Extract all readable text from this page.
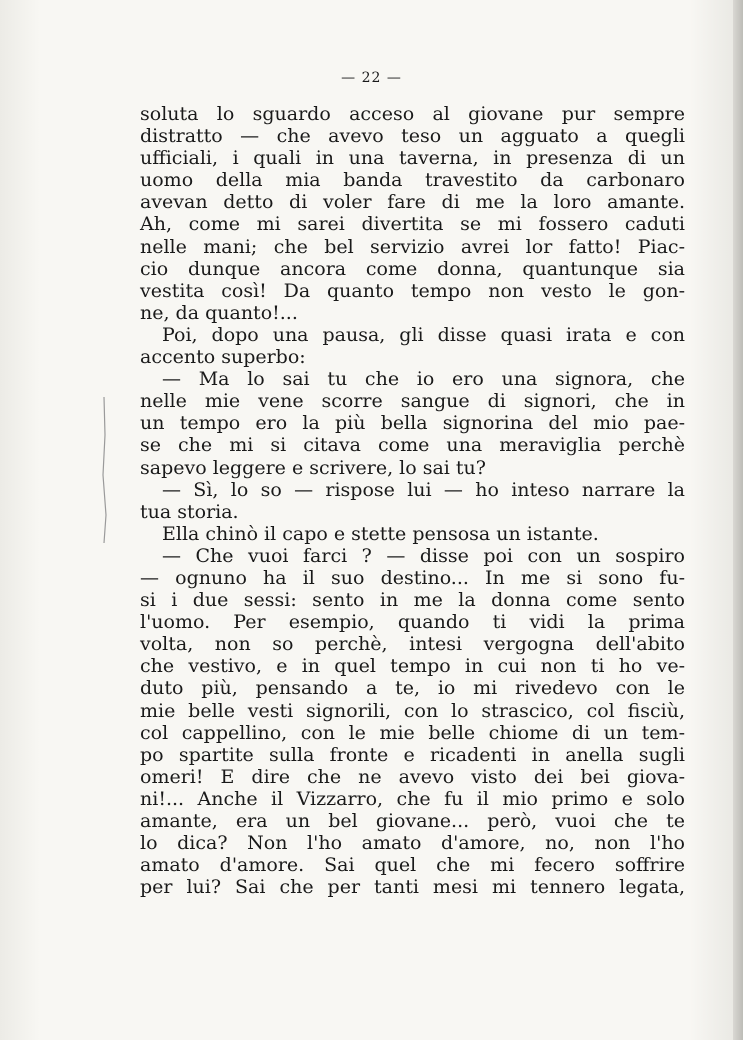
— 22 —
soluta lo sguardo acceso al giovane pur sempre
distratto — che avevo teso un agguato a quegli
ufficiali, i quali in una taverna, in presenza di un
uomo della mia banda travestito da carbonaro
avevan detto di voler fare di me la loro amante.
Ah, come mi sarei divertita se mi fossero caduti
nelle mani; che bel servizio avrei lor fatto! Piac-
cio dunque ancora come donna, quantunque sia
vestita così! Da quanto tempo non vesto le gon-
ne, da quanto!...
Poi, dopo una pausa, gli disse quasi irata e con
accento superbo:
— Ma lo sai tu che io ero una signora, che
nelle mie vene scorre sangue di signori, che in
un tempo ero la più bella signorina del mio pae-
se che mi si citava come una meraviglia perchè
sapevo leggere e scrivere, lo sai tu?
— Sì, lo so — rispose lui — ho inteso narrare la
tua storia.
Ella chinò il capo e stette pensosa un istante.
— Che vuoi farci ? — disse poi con un sospiro
— ognuno ha il suo destino... In me si sono fu-
si i due sessi: sento in me la donna come sento
l'uomo. Per esempio, quando ti vidi la prima
volta, non so perchè, intesi vergogna dell'abito
che vestivo, e in quel tempo in cui non ti ho ve-
duto più, pensando a te, io mi rivedevo con le
mie belle vesti signorili, con lo strascico, col fisciù,
col cappellino, con le mie belle chiome di un tem-
po spartite sulla fronte e ricadenti in anella sugli
omeri! E dire che ne avevo visto dei bei giova-
ni!... Anche il Vizzarro, che fu il mio primo e solo
amante, era un bel giovane... però, vuoi che te
lo dica? Non l'ho amato d'amore, no, non l'ho
amato d'amore. Sai quel che mi fecero soffrire
per lui? Sai che per tanti mesi mi tennero legata,
